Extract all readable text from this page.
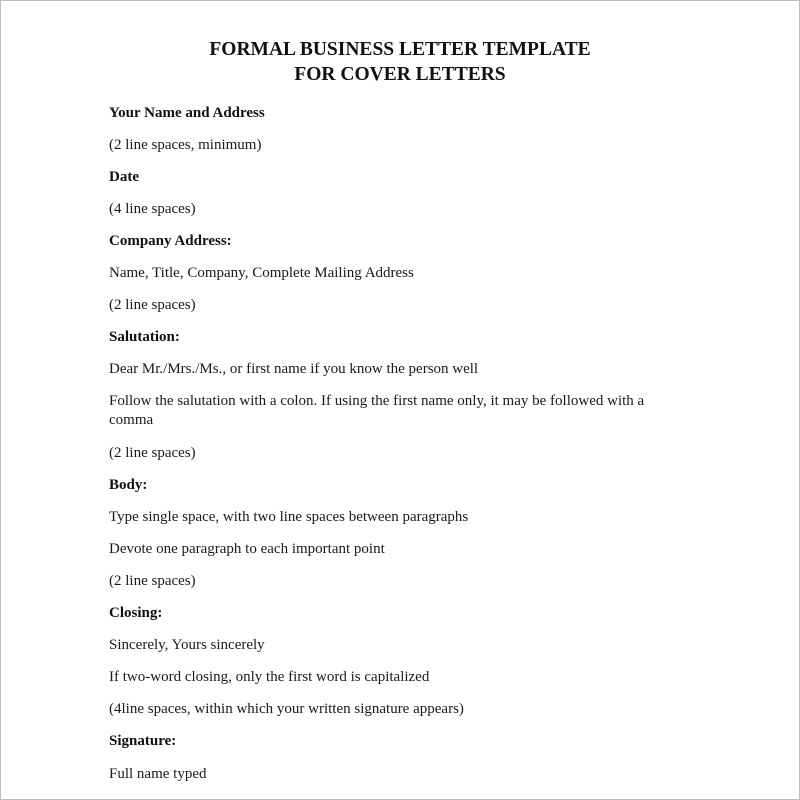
FORMAL BUSINESS LETTER TEMPLATE
FOR COVER LETTERS
Your Name and Address
(2 line spaces, minimum)
Date
(4 line spaces)
Company Address:
Name, Title, Company, Complete Mailing Address
(2 line spaces)
Salutation:
Dear Mr./Mrs./Ms., or first name if you know the person well
Follow the salutation with a colon. If using the first name only, it may be followed with a comma
(2 line spaces)
Body:
Type single space, with two line spaces between paragraphs
Devote one paragraph to each important point
(2 line spaces)
Closing:
Sincerely, Yours sincerely
If two-word closing, only the first word is capitalized
(4line spaces, within which your written signature appears)
Signature:
Full name typed
